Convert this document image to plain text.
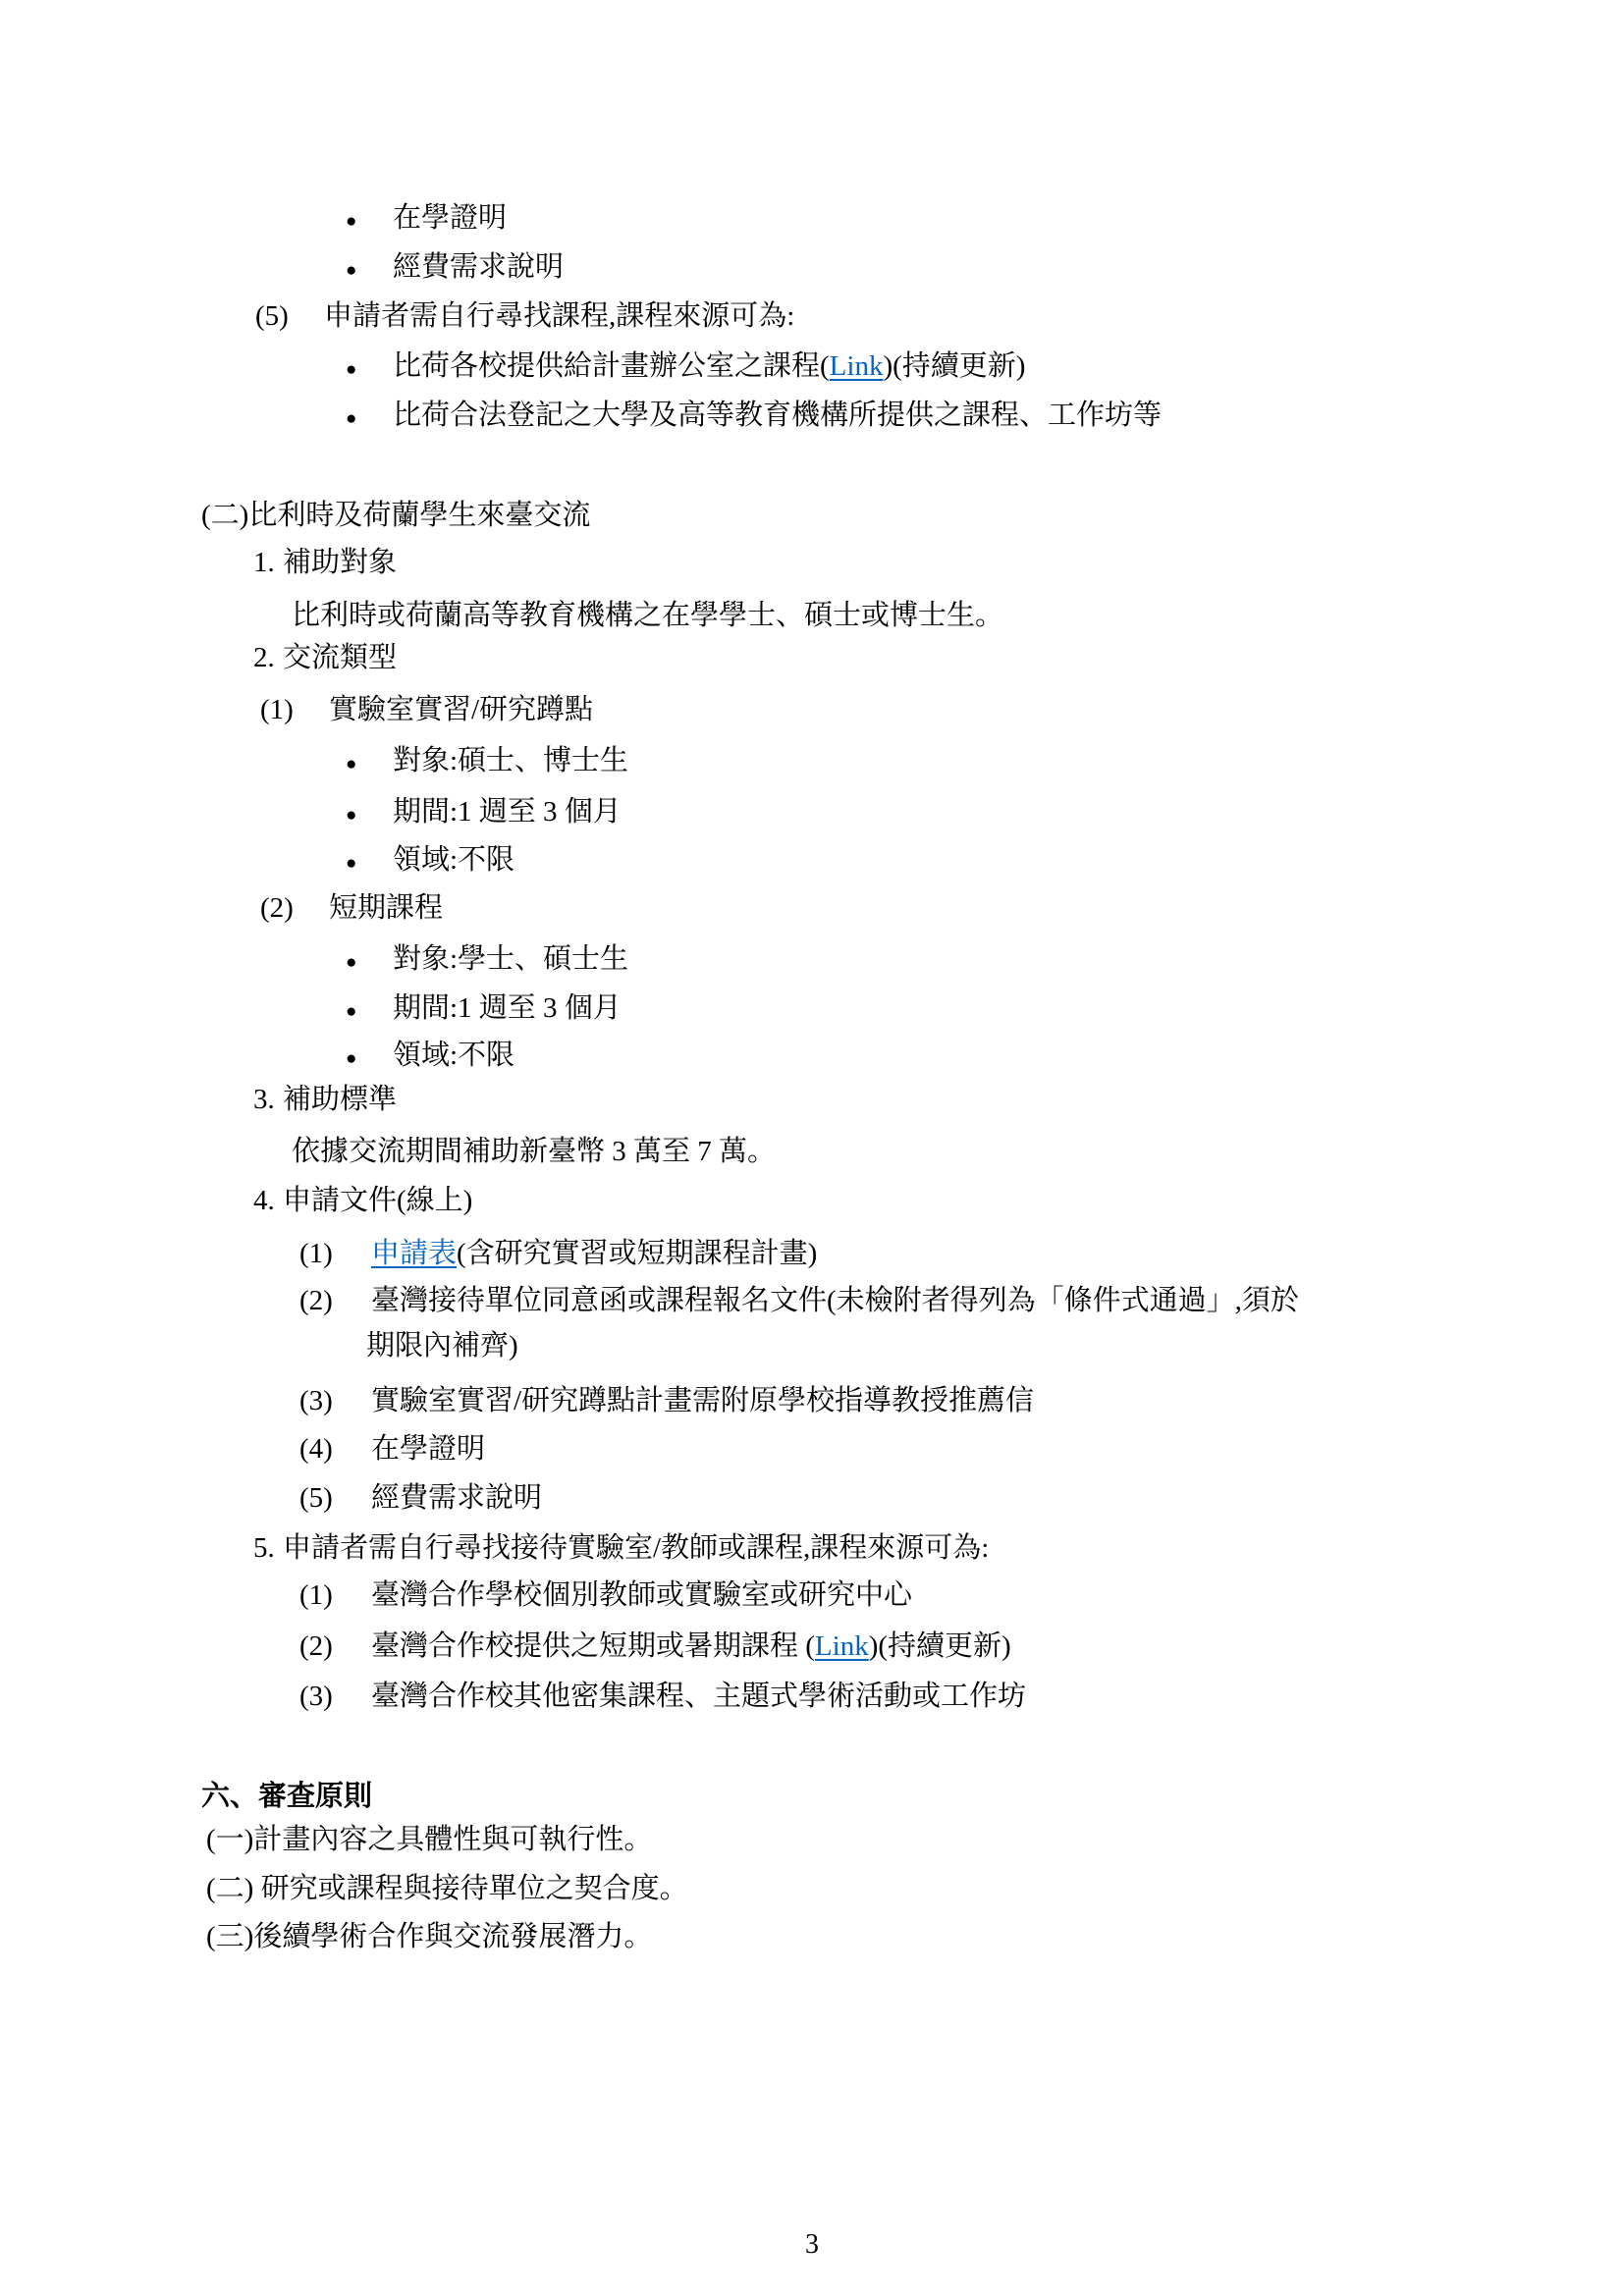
● 在學證明
● 經費需求說明
(5) 申請者需自行尋找課程,課程來源可為:
● 比荷各校提供給計畫辦公室之課程(Link)(持續更新)
● 比荷合法登記之大學及高等教育機構所提供之課程、工作坊等
(二)比利時及荷蘭學生來臺交流
1. 補助對象
比利時或荷蘭高等教育機構之在學學士、碩士或博士生。
2. 交流類型
(1) 實驗室實習/研究蹲點
● 對象:碩士、博士生
● 期間:1 週至 3 個月
● 領域:不限
(2) 短期課程
● 對象:學士、碩士生
● 期間:1 週至 3 個月
● 領域:不限
3. 補助標準
依據交流期間補助新臺幣 3 萬至 7 萬。
4. 申請文件(線上)
(1) 申請表(含研究實習或短期課程計畫)
(2) 臺灣接待單位同意函或課程報名文件(未檢附者得列為「條件式通過」,須於
期限內補齊)
(3) 實驗室實習/研究蹲點計畫需附原學校指導教授推薦信
(4) 在學證明
(5) 經費需求說明
5. 申請者需自行尋找接待實驗室/教師或課程,課程來源可為:
(1) 臺灣合作學校個別教師或實驗室或研究中心
(2) 臺灣合作校提供之短期或暑期課程 (Link)(持續更新)
(3) 臺灣合作校其他密集課程、主題式學術活動或工作坊
六、審查原則
(一)計畫內容之具體性與可執行性。
(二) 研究或課程與接待單位之契合度。
(三)後續學術合作與交流發展潛力。
3
